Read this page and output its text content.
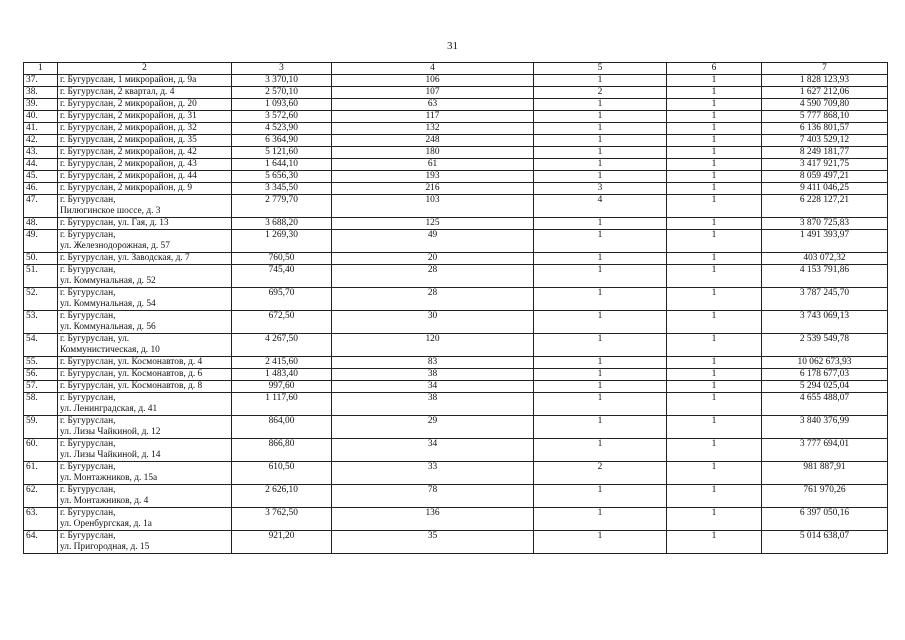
31
1	2	3	4	5	6	7
37.	г. Бугуруслан, 1 микрорайон, д. 9а	3 370,10	106	1	1	1 828 123,93
38.	г. Бугуруслан, 2 квартал, д. 4	2 570,10	107	2	1	1 627 212,06
39.	г. Бугуруслан, 2 микрорайон, д. 20	1 093,60	63	1	1	4 590 709,80
40.	г. Бугуруслан, 2 микрорайон, д. 31	3 572,60	117	1	1	5 777 868,10
41.	г. Бугуруслан, 2 микрорайон, д. 32	4 523,90	132	1	1	6 136 801,57
42.	г. Бугуруслан, 2 микрорайон, д. 35	6 364,90	248	1	1	7 403 529,12
43.	г. Бугуруслан, 2 микрорайон, д. 42	5 121,60	180	1	1	8 249 181,77
44.	г. Бугуруслан, 2 микрорайон, д. 43	1 644,10	61	1	1	3 417 921,75
45.	г. Бугуруслан, 2 микрорайон, д. 44	5 656,30	193	1	1	8 059 497,21
46.	г. Бугуруслан, 2 микрорайон, д. 9	3 345,50	216	3	1	9 411 046,25
47.	г. Бугуруслан,
Пилюгинское шоссе, д. 3	2 779,70	103	4	1	6 228 127,21
48.	г. Бугуруслан, ул. Гая, д. 13	3 688,20	125	1	1	3 870 725,83
49.	г. Бугуруслан,
ул. Железнодорожная, д. 57	1 269,30	49	1	1	1 491 393,97
50.	г. Бугуруслан, ул. Заводская, д. 7	760,50	20	1	1	403 072,32
51.	г. Бугуруслан,
ул. Коммунальная, д. 52	745,40	28	1	1	4 153 791,86
52.	г. Бугуруслан,
ул. Коммунальная, д. 54	695,70	28	1	1	3 787 245,70
53.	г. Бугуруслан,
ул. Коммунальная, д. 56	672,50	30	1	1	3 743 069,13
54.	г. Бугуруслан, ул.
Коммунистическая, д. 10	4 267,50	120	1	1	2 539 549,78
55.	г. Бугуруслан, ул. Космонавтов, д. 4	2 415,60	83	1	1	10 062 673,93
56.	г. Бугуруслан, ул. Космонавтов, д. 6	1 483,40	38	1	1	6 178 677,03
57.	г. Бугуруслан, ул. Космонавтов, д. 8	997,60	34	1	1	5 294 025,04
58.	г. Бугуруслан,
ул. Ленинградская, д. 41	1 117,60	38	1	1	4 655 488,07
59.	г. Бугуруслан,
ул. Лизы Чайкиной, д. 12	864,00	29	1	1	3 840 376,99
60.	г. Бугуруслан,
ул. Лизы Чайкиной, д. 14	866,80	34	1	1	3 777 694,01
61.	г. Бугуруслан,
ул. Монтажников, д. 15а	610,50	33	2	1	981 887,91
62.	г. Бугуруслан,
ул. Монтажников, д. 4	2 626,10	78	1	1	761 970,26
63.	г. Бугуруслан,
ул. Оренбургская, д. 1а	3 762,50	136	1	1	6 397 050,16
64.	г. Бугуруслан,
ул. Пригородная, д. 15	921,20	35	1	1	5 014 638,07
